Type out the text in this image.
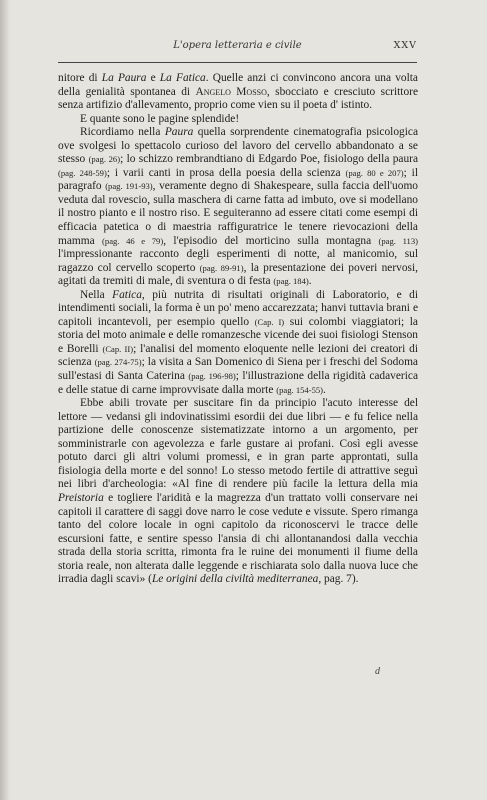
L'opera letteraria e civile	XXV

nitore di La Paura e La Fatica. Quelle anzi ci convincono ancora una volta della genialità spontanea di Angelo Mosso, sbocciato e cresciuto scrittore senza artifizio d'allevamento, proprio come vien su il poeta d' istinto.

E quante sono le pagine splendide!

Ricordiamo nella Paura quella sorprendente cinematografia psicologica ove svolgesi lo spettacolo curioso del lavoro del cervello abbandonato a se stesso (pag. 26); lo schizzo rembrandtiano di Edgardo Poe, fisiologo della paura (pag. 248-59); i varii canti in prosa della poesia della scienza (pag. 80 e 207); il paragrafo (pag. 191-93), veramente degno di Shakespeare, sulla faccia dell'uomo veduta dal rovescio, sulla maschera di carne fatta ad imbuto, ove si modellano il nostro pianto e il nostro riso. E seguiteranno ad essere citati come esempi di efficacia patetica o di maestria raffiguratrice le tenere rievocazioni della mamma (pag. 46 e 79), l'episodio del morticino sulla montagna (pag. 113) l'impressionante racconto degli esperimenti di notte, al manicomio, sul ragazzo col cervello scoperto (pag. 89-91), la presentazione dei poveri nervosi, agitati da tremiti di male, di sventura o di festa (pag. 184).

Nella Fatica, più nutrita di risultati originali di Laboratorio, e di intendimenti sociali, la forma è un po' meno accarezzata; hanvi tuttavia brani e capitoli incantevoli, per esempio quello (Cap. I) sui colombi viaggiatori; la storia del moto animale e delle romanzesche vicende dei suoi fisiologi Stenson e Borelli (Cap. II); l'analisi del momento eloquente nelle lezioni dei creatori di scienza (pag. 274-75); la visita a San Domenico di Siena per i freschi del Sodoma sull'estasi di Santa Caterina (pag. 196-98); l'illustrazione della rigidità cadaverica e delle statue di carne improvvisate dalla morte (pag. 154-55).

Ebbe abili trovate per suscitare fin da principio l'acuto interesse del lettore — vedansi gli indovinatissimi esordii dei due libri — e fu felice nella partizione delle conoscenze sistematizzate intorno a un argomento, per somministrarle con agevolezza e farle gustare ai profani. Così egli avesse potuto darci gli altri volumi promessi, e in gran parte approntati, sulla fisiologia della morte e del sonno! Lo stesso metodo fertile di attrattive seguì nei libri d'archeologia: «Al fine di rendere più facile la lettura della mia Preistoria e togliere l'aridità e la magrezza d'un trattato volli conservare nei capitoli il carattere di saggi dove narro le cose vedute e vissute. Spero rimanga tanto del colore locale in ogni capitolo da riconoscervi le tracce delle escursioni fatte, e sentire spesso l'ansia di chi allontanandosi dalla vecchia strada della storia scritta, rimonta fra le ruine dei monumenti il fiume della storia reale, non alterata dalle leggende e rischiarata solo dalla nuova luce che irradia dagli scavi» (Le origini della civiltà mediterranea, pag. 7).

d
